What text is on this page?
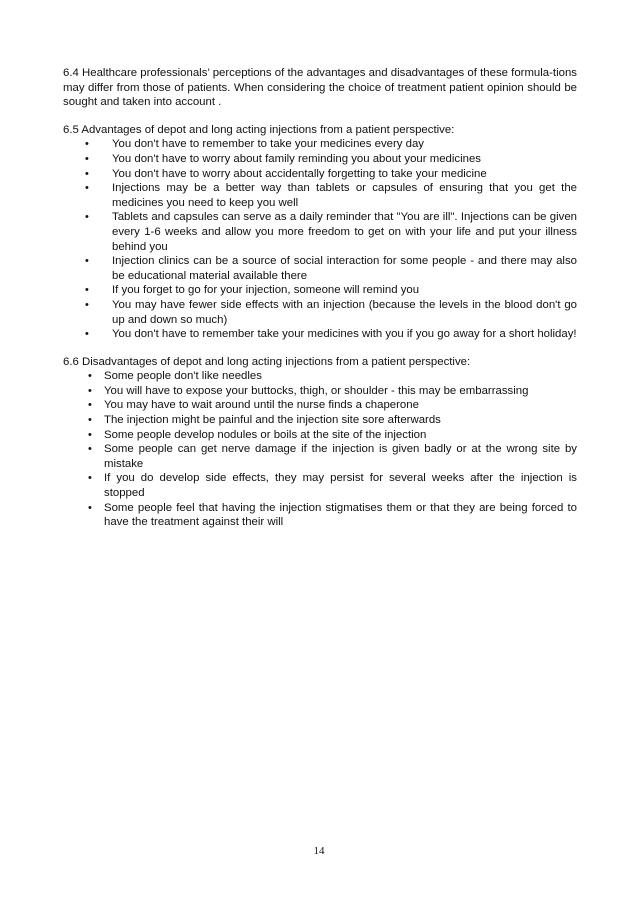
6.4 Healthcare professionals’ perceptions of the advantages and disadvantages of these formula-tions may differ from those of patients. When considering the choice of treatment patient opinion should be sought and taken into account .

6.5 Advantages of depot and long acting injections from a patient perspective:

• You don't have to remember to take your medicines every day
• You don't have to worry about family reminding you about your medicines
• You don't have to worry about accidentally forgetting to take your medicine
• Injections may be a better way than tablets or capsules of ensuring that you get the medicines you need to keep you well
• Tablets and capsules can serve as a daily reminder that "You are ill". Injections can be given every 1-6 weeks and allow you more freedom to get on with your life and put your illness behind you
• Injection clinics can be a source of social interaction for some people - and there may also be educational material available there
• If you forget to go for your injection, someone will remind you
• You may have fewer side effects with an injection (because the levels in the blood don't go up and down so much)
• You don't have to remember take your medicines with you if you go away for a short holiday!

6.6 Disadvantages of depot and long acting injections from a patient perspective:

• Some people don't like needles
• You will have to expose your buttocks, thigh, or shoulder - this may be embarrassing
• You may have to wait around until the nurse finds a chaperone
• The injection might be painful and the injection site sore afterwards
• Some people develop nodules or boils at the site of the injection
• Some people can get nerve damage if the injection is given badly or at the wrong site by mistake
• If you do develop side effects, they may persist for several weeks after the injection is stopped
• Some people feel that having the injection stigmatises them or that they are being forced to have the treatment against their will
14
